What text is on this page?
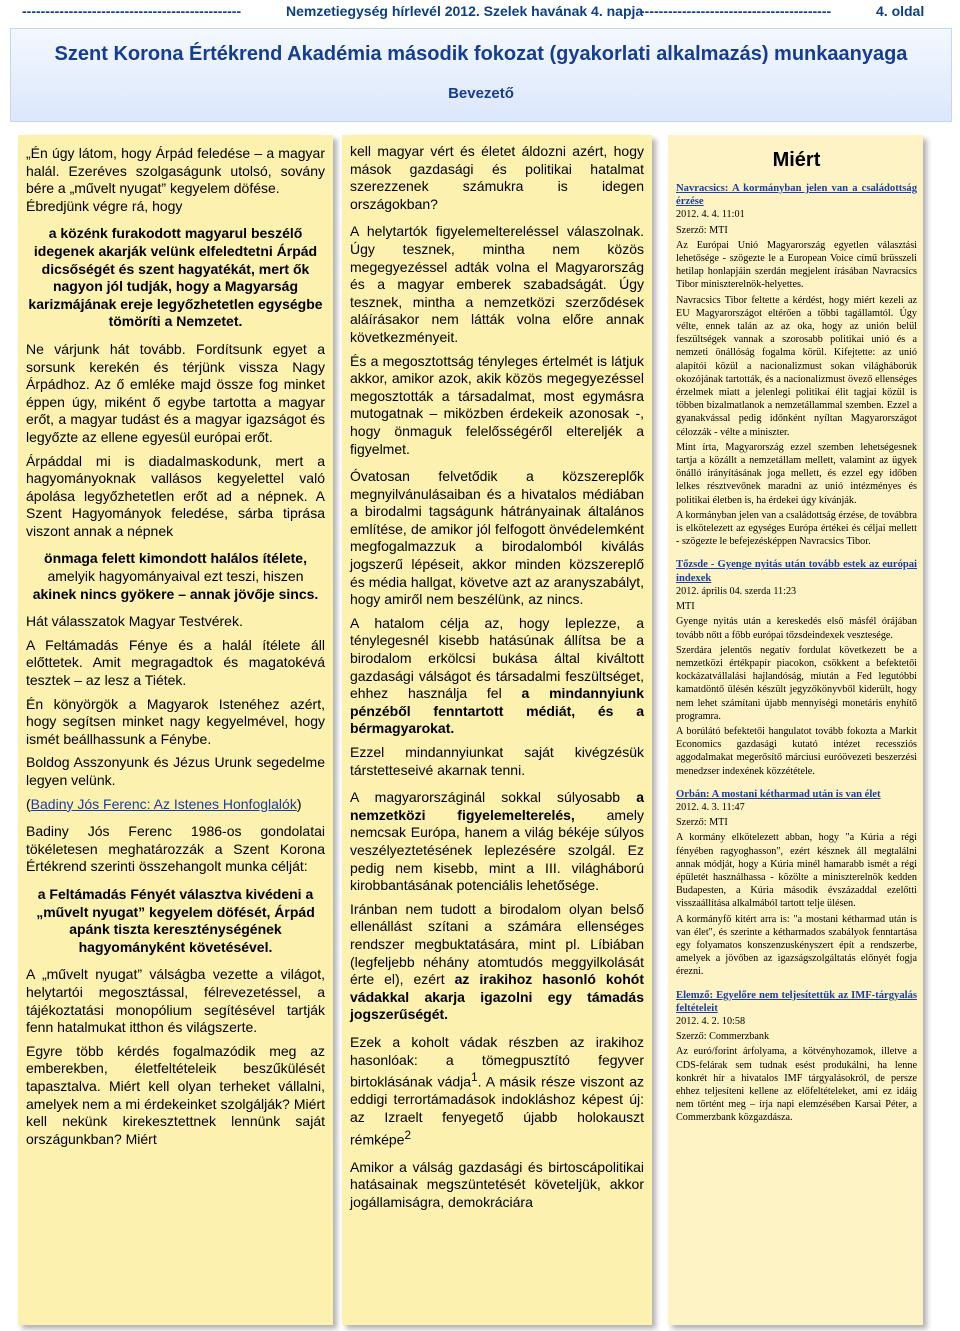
-----------------------------------------------	Nemzetiegység hírlevél 2012. Szelek havának 4. napja
-----------------------------------------	4. oldal
Szent Korona Értékrend Akadémia második fokozat (gyakorlati alkalmazás) munkaanyaga
Bevezető

„Én úgy látom, hogy Árpád feledése – a magyar halál. Ezeréves szolgaságunk utolsó, sovány bére a „művelt nyugat” kegyelem döfése.
Ébredjünk végre rá, hogy

a közénk furakodott magyarul beszélő idegenek akarják velünk elfeledtetni Árpád dicsőségét és szent hagyatékát, mert ők nagyon jól tudják, hogy a Magyarság karizmájának ereje legyőzhetetlen egységbe tömöríti a Nemzetet.

Ne várjunk hát tovább. Fordítsunk egyet a sorsunk kerekén és térjünk vissza Nagy Árpádhoz. Az ő emléke majd össze fog minket éppen úgy, miként ő egybe tartotta a magyar erőt, a magyar tudást és a magyar igazságot és legyőzte az ellene egyesül európai erőt.

Árpáddal mi is diadalmaskodunk, mert a hagyományoknak vallásos kegyelettel való ápolása legyőzhetetlen erőt ad a népnek. A Szent Hagyományok feledése, sárba tiprása viszont annak a népnek

önmaga felett kimondott halálos ítélete, amelyik hagyományaival ezt teszi, hiszen akinek nincs gyökere – annak jövője sincs.

Hát válasszatok Magyar Testvérek.

A Feltámadás Fénye és a halál ítélete áll előttetek. Amit megragadtok és magatokévá tesztek – az lesz a Tiétek.

Én könyörgök a Magyarok Istenéhez azért, hogy segítsen minket nagy kegyelmével, hogy ismét beállhassunk a Fénybe.

Boldog Asszonyunk és Jézus Urunk segedelme legyen velünk.

(Badiny Jós Ferenc: Az Istenes Honfoglalók)

Badiny Jós Ferenc 1986-os gondolatai tökéletesen meghatározzák a Szent Korona Értékrend szerinti összehangolt munka célját:

a Feltámadás Fényét választva kivédeni a „művelt nyugat” kegyelem döfését, Árpád apánk tiszta kereszténységének hagyományként követésével.

A „művelt nyugat” válságba vezette a világot, helytartói megosztással, félrevezetéssel, a tájékoztatási monopólium segítésével tartják fenn hatalmukat itthon és világszerte.

Egyre több kérdés fogalmazódik meg az emberekben, életfeltételeik beszűkülését tapasztalva. Miért kell olyan terheket vállalni, amelyek nem a mi érdekeinket szolgálják? Miért kell nekünk kirekesztettnek lennünk saját országunkban? Miért

kell magyar vért és életet áldozni azért, hogy mások gazdasági és politikai hatalmat szerezzenek számukra is idegen országokban?

A helytartók figyelemeltereléssel válaszolnak. Úgy tesznek, mintha nem közös megegyezéssel adták volna el Magyarország és a magyar emberek szabadságát. Úgy tesznek, mintha a nemzetközi szerződések aláírásakor nem látták volna előre annak következményeit.

És a megosztottság tényleges értelmét is látjuk akkor, amikor azok, akik közös megegyezéssel megosztották a társadalmat, most egymásra mutogatnak – miközben érdekeik azonosak -, hogy önmaguk felelősségéről eltereljék a figyelmet.

Óvatosan felvetődik a közszereplők megnyilvánulásaiban és a hivatalos médiában a birodalmi tagságunk hátrányainak általános említése, de amikor jól felfogott önvédelemként megfogalmazzuk a birodalomból kiválás jogszerű lépéseit, akkor minden közszereplő és média hallgat, követve azt az aranyszabályt, hogy amiről nem beszélünk, az nincs.

A hatalom célja az, hogy leplezze, a ténylegesnél kisebb hatásúnak állítsa be a birodalom erkölcsi bukása által kiváltott gazdasági válságot és társadalmi feszültséget, ehhez használja fel a mindannyiunk pénzéből fenntartott médiát, és a bérmagyarokat.

Ezzel mindannyiunkat saját kivégzésük társtetteseivé akarnak tenni.

A magyarországinál sokkal súlyosabb a nemzetközi figyelemelterelés, amely nemcsak Európa, hanem a világ békéje súlyos veszélyeztetésének leplezésére szolgál. Ez pedig nem kisebb, mint a III. világháború kirobbantásának potenciális lehetősége.

Iránban nem tudott a birodalom olyan belső ellenállást szítani a számára ellenséges rendszer megbuktatására, mint pl. Líbiában (legfeljebb néhány atomtudós meggyilkolását érte el), ezért az irakihoz hasonló kohót vádakkal akarja igazolni egy támadás jogszerűségét.

Ezek a koholt vádak részben az irakihoz hasonlóak: a tömegpusztító fegyver birtoklásának vádja$^1$. A másik része viszont az eddigi terrortámadások indokláshoz képest új: az Izraelt fenyegető újabb holokauszt rémképe$^2$

Amikor a válság gazdasági és birtoscápolitikai hatásainak megszüntetését követeljük, akkor jogállamiságra, demokráciára

Miért
Navracsics: A kormányban jelen van a családottság érzése

2012. 4. 4. 11:01

Szerző: MTI

Az Európai Unió Magyarország egyetlen választási lehetősége - szögezte le a European Voice című brüsszeli hetilap honlapjáin szerdán megjelent írásában Navracsics Tibor miniszterelnök-helyettes.

Navracsics Tibor feltette a kérdést, hogy miért kezeli az EU Magyarországot eltérően a többi tagállamtól. Úgy vélte, ennek talán az az oka, hogy az unión belül feszültségek vannak a szorosabb politikai unió és a nemzeti önállóság fogalma körül. Kifejtette: az unió alapítói közül a nacionalizmust sokan világháborúk okozójának tartották, és a nacionalizmust övező ellenséges érzelmek miatt a jelenlegi politikai élit tagjai közül is többen bizalmatlanok a nemzetállammal szemben. Ezzel a gyanakvással pedig időnként nyíltan Magyarországot célozzák - vélte a miniszter.

Mint írta, Magyarország ezzel szemben lehetségesnek tartja a közállt a nemzetállam mellett, valamint az ügyek önálló irányításának joga mellett, és ezzel egy időben lelkes résztvevőnek maradni az unió intézményes és politikai életben is, ha érdekei úgy kívánják.

A kormányban jelen van a családottság érzése, de továbbra is elkötelezett az egységes Európa értékei és céljai mellett - szögezte le befejezésképpen Navracsics Tibor.

Tőzsde - Gyenge nyitás után tovább estek az európai indexek

2012. április 04. szerda 11:23

MTI

Gyenge nyitás után a kereskedés első másfél órájában tovább nőtt a főbb európai tőzsdeindexek veszteségе.

Szerdára jelentős negatív fordulat következett be a nemzetközi értékpapír piacokon, csökkent a befektetői kockázatvállalási hajlandóság, miután a Fed legutóbbi kamatdöntő ülésén készült jegyzőkönyvből kiderült, hogy nem lehet számítani újabb mennyiségi monetáris enyhítő programra.

A borúlátó befektetői hangulatot tovább fokozta a Markit Economics gazdasági kutató intézet recessziós aggodalmakat megerősítő márciusi euróövezeti beszerzési menedzser indexének közzététele.

Orbán: A mostani kétharmad után is van élet

2012. 4. 3. 11:47

Szerző: MTI

A kormány elkötelezett abban, hogy "a Kúria a régi fényében ragyoghasson", ezért késznek áll megtalálni annak módját, hogy a Kúria minél hamarabb ismét a régi épületét használhassa - közölte a miniszterelnök kedden Budapesten, a Kúria második évszázaddal ezelőtti visszaállítása alkalmából tartott telje ülésen.

A kormányfő kitért arra is: "a mostani kétharmad után is van élet", és szerinte a kétharmados szabályok fenntartása egy folyamatos konszenzuskényszert épít a rendszerbe, amelyek a jövőben az igazságszolgáltatás előnyét fogja érezni.

Elemző: Egyelőre nem teljesítettük az IMF-tárgyalás feltételeit

2012. 4. 2. 10:58

Szerző: Commerzbank

Az euró/forint árfolyama, a kötvényhozamok, illetve a CDS-felárak sem tudnak esést produkálni, ha lenne konkrét hír a hivatalos IMF tárgyalásokról, de persze ehhez teljesíteni kellene az előfeltételeket, ami ez idáig nem történt meg – írja napi elemzésében Karsai Péter, a Commerzbank közgazdásza.
